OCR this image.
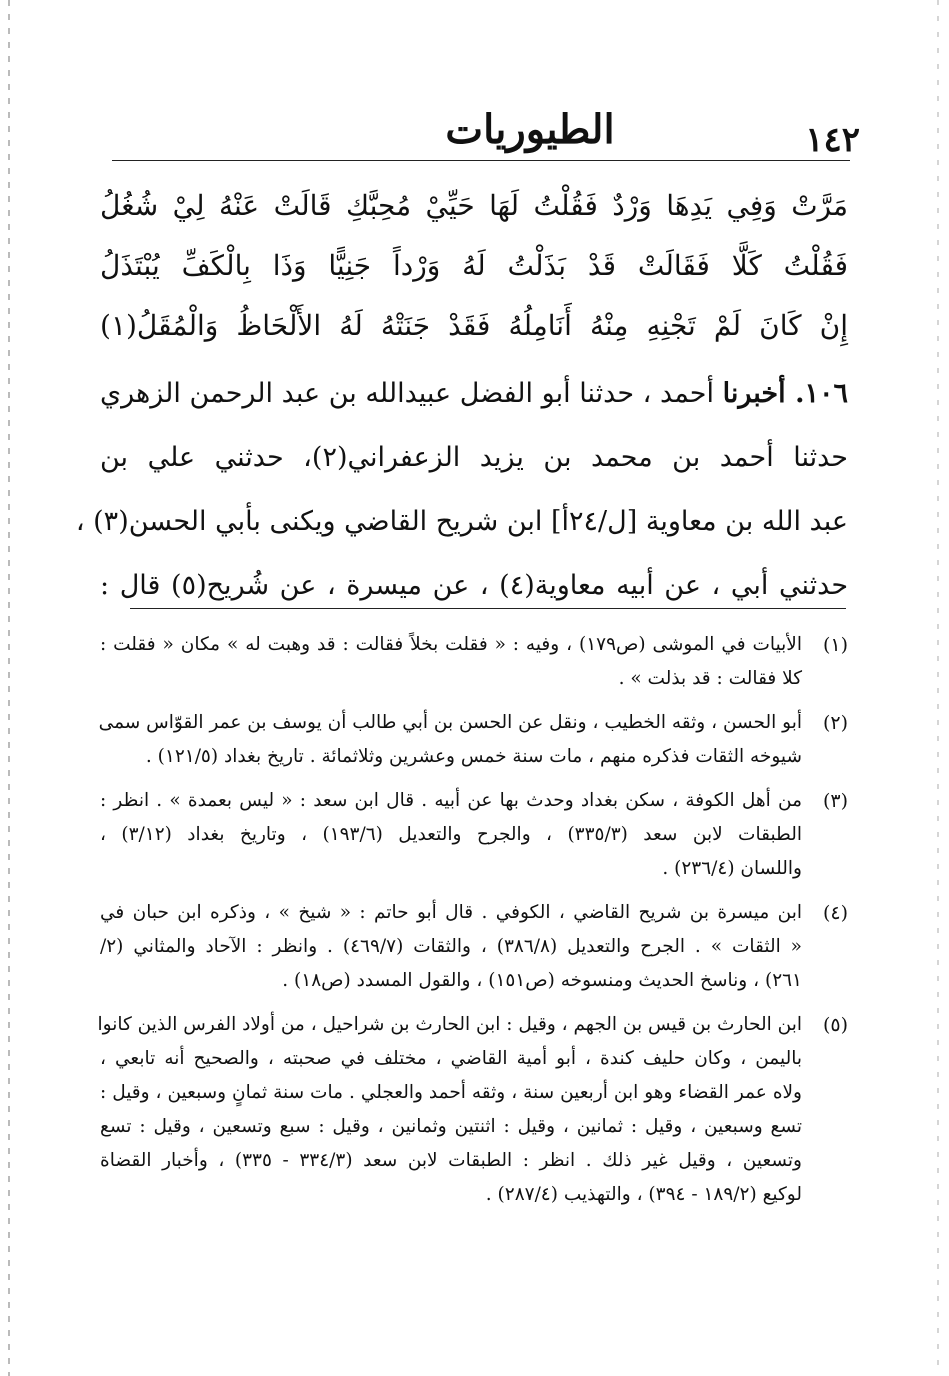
الطيوريات	١٤٢
مَرَّتْ وَفِي يَدِهَا وَرْدٌ فَقُلْتُ لَهَا حَيِّيْ مُحِبَّكِ قَالَتْ عَنْهُ لِيْ شُغُلُ
فَقُلْتُ كَلَّا فَقَالَتْ قَدْ بَذَلْتُ لَهُ وَرْداً جَنِيًّا وَذَا بِالْكَفِّ يُبْتَذَلُ
إِنْ كَانَ لَمْ تَجْنِهِ مِنْهُ أَنَامِلُهُ فَقَدْ جَنَتْهُ لَهُ الأَلْحَاظُ وَالْمُقَلُ(١)
١٠٦. أخبرنا أحمد ، حدثنا أبو الفضل عبيدالله بن عبد الرحمن الزهري
حدثنا أحمد بن محمد بن يزيد الزعفراني(٢)، حدثني علي بن
عبد الله بن معاوية [ل/٢٤أ] ابن شريح القاضي ويكنى بأبي الحسن(٣) ،
حدثني أبي ، عن أبيه معاوية(٤) ، عن ميسرة ، عن شُريح(٥) قال :
(١)
الأبيات في الموشى (ص١٧٩) ، وفيه : « فقلت بخلاً فقالت : قد وهبت له » مكان « فقلت :
كلا فقالت : قد بذلت » .
(٢)
أبو الحسن ، وثقه الخطيب ، ونقل عن الحسن بن أبي طالب أن يوسف بن عمر القوّاس سمى
شيوخه الثقات فذكره منهم ، مات سنة خمس وعشرين وثلاثمائة . تاريخ بغداد (١٢١/٥) .
(٣)
من أهل الكوفة ، سكن بغداد وحدث بها عن أبيه . قال ابن سعد : « ليس بعمدة » . انظر :
الطبقات لابن سعد (٣٣٥/٣) ، والجرح والتعديل (١٩٣/٦) ، وتاريخ بغداد (٣/١٢) ،
واللسان (٢٣٦/٤) .
(٤)
ابن ميسرة بن شريح القاضي ، الكوفي . قال أبو حاتم : « شيخ » ، وذكره ابن حبان في
« الثقات » . الجرح والتعديل (٣٨٦/٨) ، والثقات (٤٦٩/٧) . وانظر : الآحاد والمثاني (٢/
٢٦١) ، وناسخ الحديث ومنسوخه (ص١٥١) ، والقول المسدد (ص١٨) .
(٥)
ابن الحارث بن قيس بن الجهم ، وقيل : ابن الحارث بن شراحيل ، من أولاد الفرس الذين كانوا
باليمن ، وكان حليف كندة ، أبو أمية القاضي ، مختلف في صحبته ، والصحيح أنه تابعي ،
ولاه عمر القضاء وهو ابن أربعين سنة ، وثقه أحمد والعجلي . مات سنة ثمانٍ وسبعين ، وقيل :
تسع وسبعين ، وقيل : ثمانين ، وقيل : اثنتين وثمانين ، وقيل : سبع وتسعين ، وقيل : تسع
وتسعين ، وقيل غير ذلك . انظر : الطبقات لابن سعد (٣٣٤/٣ - ٣٣٥) ، وأخبار القضاة
لوكيع (١٨٩/٢ - ٣٩٤) ، والتهذيب (٢٨٧/٤) .
